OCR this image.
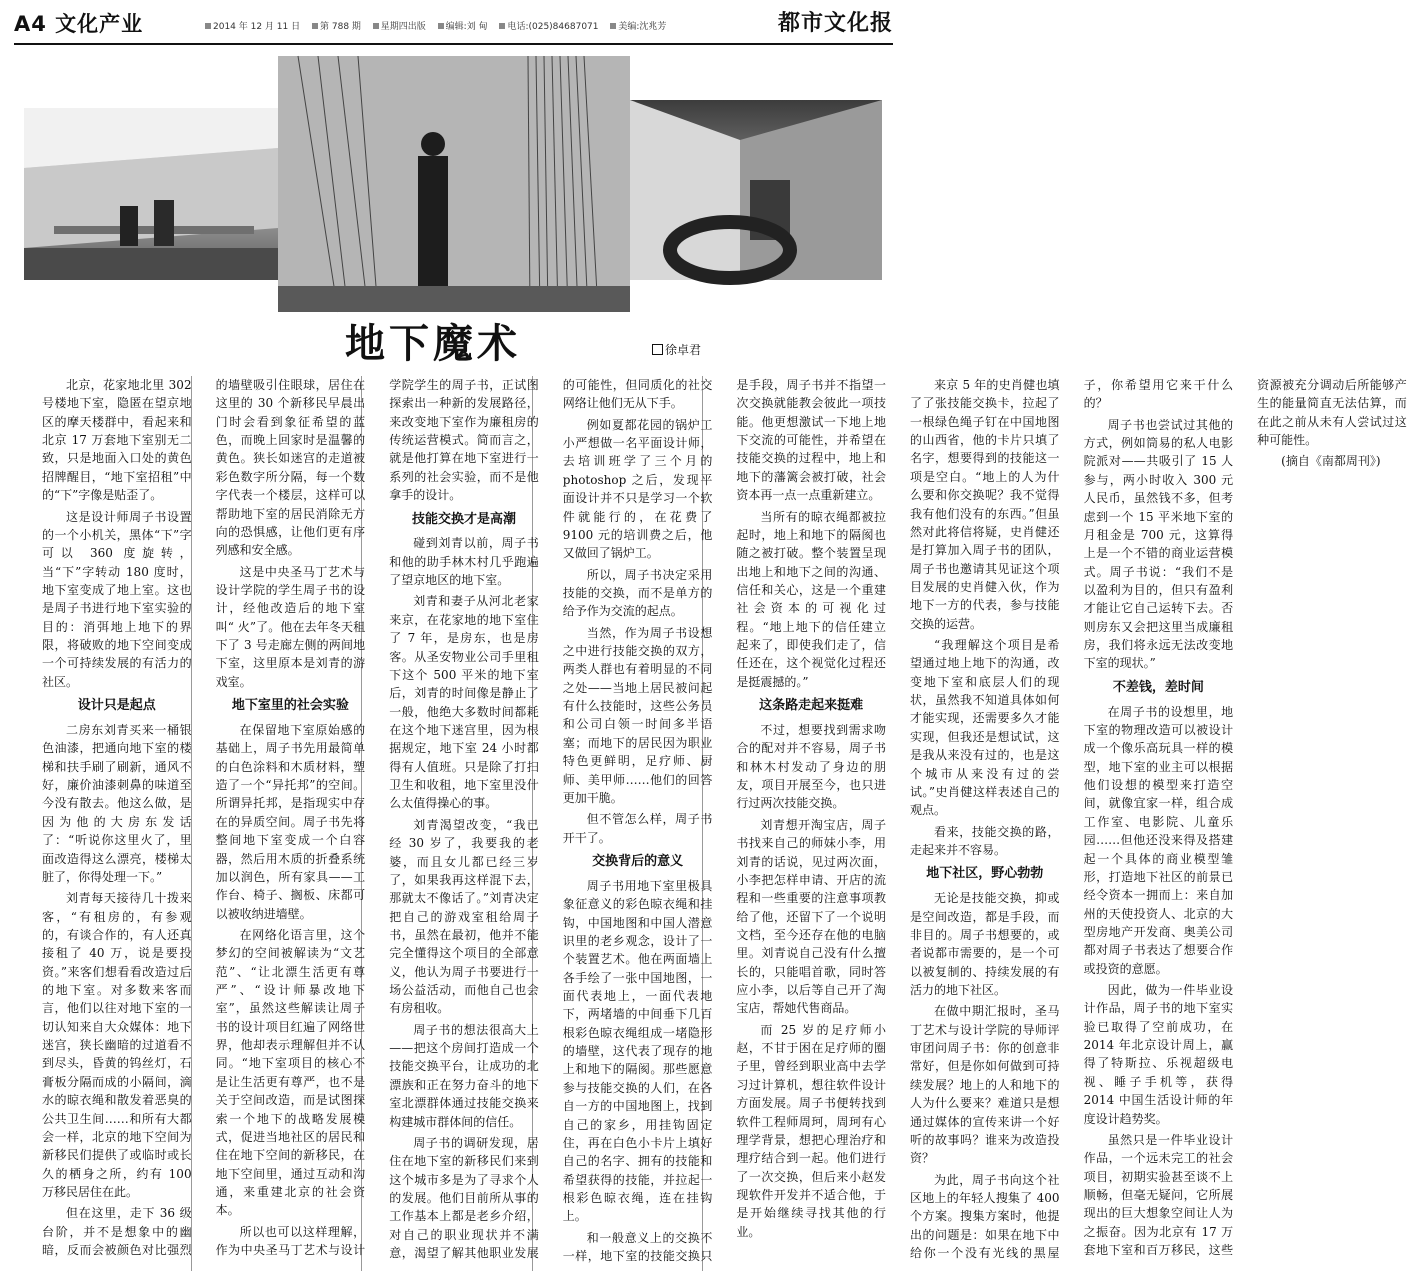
A4 文化产业	2014 年 12 月 11 日 第 788 期 星期四出版 编辑:刘 甸 电话:(025)84687071 美编:沈兆芳	都市文化报
地下魔术	徐卓君

北京，花家地北里 302 号楼地下室，隐匿在望京地区的摩天楼群中，看起来和北京 17 万套地下室别无二致，只是地面入口处的黄色招牌醒目，“地下室招租”中的“下”字像是贴歪了。

这是设计师周子书设置的一个小机关，黑体“下”字可以 360 度旋转，当“下”字转动 180 度时，地下室变成了地上室。这也是周子书进行地下室实验的目的：消弭地上地下的界限，将破败的地下空间变成一个可持续发展的有活力的社区。

设计只是起点

二房东刘青买来一桶银色油漆，把通向地下室的楼梯和扶手刷了刷新，通风不好，廉价油漆刺鼻的味道至今没有散去。他这么做，是因为他的大房东发话了：“听说你这里火了，里面改造得这么漂亮，楼梯太脏了，你得处理一下。”

刘青每天接待几十拨来客，“有租房的，有参观的，有谈合作的，有人还真接租了 40 万，说是要投资。”来客们想看看改造过后的地下室。对多数来客而言，他们以往对地下室的一切认知来自大众媒体：地下迷宫，狭长幽暗的过道看不到尽头，昏黄的钨丝灯，石膏板分隔而成的小隔间，滴水的晾衣绳和散发着恶臭的公共卫生间……和所有大都会一样，北京的地下空间为新移民们提供了或临时或长久的栖身之所，约有 100 万移民居住在此。

但在这里，走下 36 级台阶，并不是想象中的幽暗，反而会被颜色对比强烈的墙壁吸引住眼球，居住在这里的 30 个新移民早晨出门时会看到象征希望的蓝色，而晚上回家时是温馨的黄色。狭长如迷宫的走道被彩色数字所分隔，每一个数字代表一个楼层，这样可以帮助地下室的居民消除无方向的恐惧感，让他们更有序列感和安全感。

这是中央圣马丁艺术与设计学院的学生周子书的设计，经他改造后的地下室叫“ 火”了。他在去年冬天租下了 3 号走廊左侧的两间地下室，这里原本是刘青的游戏室。

地下室里的社会实验

在保留地下室原始感的基础上，周子书先用最简单的白色涂料和木质材料，塑造了一个“异托邦”的空间。所谓异托邦，是指现实中存在的异质空间。周子书先将整间地下室变成一个白容器，然后用木质的折叠系统加以润色，所有家具——工作台、椅子、搁板、床都可以被收纳进墙壁。

在网络化语言里，这个梦幻的空间被解读为“文艺范”、“让北漂生活更有尊严”、“设计师暴改地下室”，虽然这些解读让周子书的设计项目红遍了网络世界，他却表示理解但并不认同。“地下室项目的核心不是让生活更有尊严，也不是关于空间改造，而是试图探索一个地下的战略发展模式，促进当地社区的居民和住在地下空间的新移民，在地下空间里，通过互动和沟通，来重建北京的社会资本。

所以也可以这样理解，作为中央圣马丁艺术与设计学院学生的周子书，正试图探索出一种新的发展路径，来改变地下室作为廉租房的传统运营模式。简而言之，就是他打算在地下室进行一系列的社会实验，而不是他拿手的设计。

技能交换才是高潮

碰到刘青以前，周子书和他的助手林木村几乎跑遍了望京地区的地下室。

刘青和妻子从河北老家来京，在花家地的地下室住了 7 年，是房东，也是房客。从圣安物业公司手里租下这个 500 平米的地下室后，刘青的时间像是静止了一般，他绝大多数时间都耗在这个地下迷宫里，因为根据规定，地下室 24 小时都得有人值班。只是除了打扫卫生和收租，地下室里没什么太值得操心的事。

刘青渴望改变，“我已经 30 岁了，我要我的老婆，而且女儿都已经三岁了，如果我再这样混下去，那就太不像话了。”刘青决定把自己的游戏室租给周子书，虽然在最初，他并不能完全懂得这个项目的全部意义，他认为周子书要进行一场公益活动，而他自己也会有房租收。

周子书的想法很高大上——把这个房间打造成一个技能交换平台，让成功的北漂族和正在努力奋斗的地下室北漂群体通过技能交换来构建城市群体间的信任。

周子书的调研发现，居住在地下室的新移民们来到这个城市多是为了寻求个人的发展。他们目前所从事的工作基本上都是老乡介绍，对自己的职业现状并不满意，渴望了解其他职业发展的可能性，但同质化的社交网络让他们无从下手。

例如夏都花园的锅炉工小严想做一名平面设计师，去培训班学了三个月的 photoshop 之后，发现平面设计并不只是学习一个软件就能行的，在花费了 9100 元的培训费之后，他又做回了锅炉工。

所以，周子书决定采用技能的交换，而不是单方的给予作为交流的起点。

当然，作为周子书设想之中进行技能交换的双方，两类人群也有着明显的不同之处——当地上居民被问起有什么技能时，这些公务员和公司白领一时间多半语塞；而地下的居民因为职业特色更鲜明，足疗师、厨师、美甲师……他们的回答更加干脆。

但不管怎么样，周子书开干了。

交换背后的意义

周子书用地下室里极具象征意义的彩色晾衣绳和挂钩，中国地图和中国人潜意识里的老乡观念，设计了一个装置艺术。他在两面墙上各手绘了一张中国地图，一面代表地上，一面代表地下，两堵墙的中间垂下几百根彩色晾衣绳组成一堵隐形的墙壁，这代表了现存的地上和地下的隔阂。那些愿意参与技能交换的人们，在各自一方的中国地图上，找到自己的家乡，用挂钩固定住，再在白色小卡片上填好自己的名字、拥有的技能和希望获得的技能，并拉起一根彩色晾衣绳，连在挂钩上。

和一般意义上的交换不一样，地下室的技能交换只是手段，周子书并不指望一次交换就能教会彼此一项技能。他更想激试一下地上地下交流的可能性，并希望在技能交换的过程中，地上和地下的藩篱会被打破，社会资本再一点一点重新建立。

当所有的晾衣绳都被拉起时，地上和地下的隔阂也随之被打破。整个装置呈现出地上和地下之间的沟通、信任和关心，这是一个重建社会资本的可视化过程。“地上地下的信任建立起来了，即使我们走了，信任还在，这个视觉化过程还是挺震撼的。”

这条路走起来挺难

不过，想要找到需求吻合的配对并不容易，周子书和林木村发动了身边的朋友，项目开展至今，也只进行过两次技能交换。

刘青想开淘宝店，周子书找来自己的师妹小李，用刘青的话说，见过两次面，小李把怎样申请、开店的流程和一些重要的注意事项教给了他，还留下了一个说明文档，至今还存在他的电脑里。刘青说自己没有什么擅长的，只能唱首歌，同时答应小李，以后等自己开了淘宝店，帮她代售商品。

而 25 岁的足疗师小赵，不甘于困在足疗师的圈子里，曾经到职业高中去学习过计算机，想往软件设计方面发展。周子书便转找到软件工程师周珂，周珂有心理学背景，想把心理治疗和理疗结合到一起。他们进行了一次交换，但后来小赵发现软件开发并不适合他，于是开始继续寻找其他的行业。

来京 5 年的史肖健也填了了张技能交换卡，拉起了一根绿色绳子钉在中国地图的山西省，他的卡片只填了名字，想要得到的技能这一项是空白。“地上的人为什么要和你交换呢？我不觉得我有他们没有的东西。”但虽然对此将信将疑，史肖健还是打算加入周子书的团队，周子书也邀请其见证这个项目发展的史肖健入伙，作为地下一方的代表，参与技能交换的运营。

“我理解这个项目是希望通过地上地下的沟通，改变地下室和底层人们的现状，虽然我不知道具体如何才能实现，还需要多久才能实现，但我还是想试试，这是我从来没有过的，也是这个城市从来没有过的尝试。”史肖健这样表述自己的观点。

看来，技能交换的路，走起来并不容易。

地下社区，野心勃勃

无论是技能交换，抑或是空间改造，都是手段，而非目的。周子书想要的，或者说都市需要的，是一个可以被复制的、持续发展的有活力的地下社区。

在做中期汇报时，圣马丁艺术与设计学院的导师评审团问周子书：你的创意非常好，但是你如何做到可持续发展？地上的人和地下的人为什么要来？难道只是想通过媒体的宣传来讲一个好听的故事吗？谁来为改造投资？

为此，周子书向这个社区地上的年轻人搜集了 400 个方案。搜集方案时，他提出的问题是：如果在地下中给你一个没有光线的黑屋子，你希望用它来干什么的？

周子书也尝试过其他的方式，例如筒易的私人电影院派对——共吸引了 15 人参与，两小时收入 300 元人民币，虽然钱不多，但考虑到一个 15 平米地下室的月租金是 700 元，这算得上是一个不错的商业运营模式。周子书说：“我们不是以盈利为目的，但只有盈利才能让它自己运转下去。否则房东又会把这里当成廉租房，我们将永远无法改变地下室的现状。”

不差钱，差时间

在周子书的设想里，地下室的物理改造可以被设计成一个像乐高玩具一样的模型，地下室的业主可以根据他们设想的模型来打造空间，就像宜家一样，组合成工作室、电影院、儿童乐园……但他还没来得及搭建起一个具体的商业模型雏形，打造地下社区的前景已经令资本一拥而上：来自加州的天使投资人、北京的大型房地产开发商、奥美公司都对周子书表达了想要合作或投资的意愿。

因此，做为一件毕业设计作品，周子书的地下室实验已取得了空前成功，在 2014 年北京设计周上，赢得了特斯拉、乐视超级电视、睡子手机等，获得 2014 中国生活设计师的年度设计趋势奖。

虽然只是一件毕业设计作品，一个远未完工的社会项目，初期实验甚至谈不上顺畅，但毫无疑问，它所展现出的巨大想象空间让人为之振奋。因为北京有 17 万套地下室和百万移民，这些资源被充分调动后所能够产生的能量简直无法估算，而在此之前从未有人尝试过这种可能性。

(摘自《南都周刊》)
